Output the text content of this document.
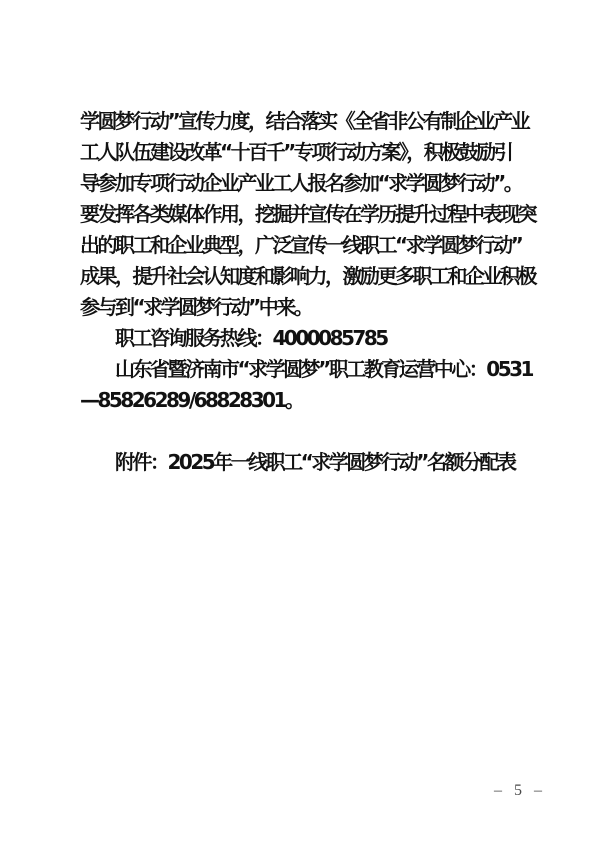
学圆梦行动”宣传力度，结合落实《全省非公有制企业产业
工人队伍建设改革“十百千”专项行动方案》，积极鼓励引
导参加专项行动企业产业工人报名参加“求学圆梦行动”。
要发挥各类媒体作用，挖掘并宣传在学历提升过程中表现突
出的职工和企业典型，广泛宣传一线职工“求学圆梦行动”
成果，提升社会认知度和影响力，激励更多职工和企业积极
参与到“求学圆梦行动”中来。
职工咨询服务热线：4000085785
山东省暨济南市“求学圆梦”职工教育运营中心：0531
—85826289/68828301。
附件：2025年一线职工“求学圆梦行动”名额分配表
– 5 –
